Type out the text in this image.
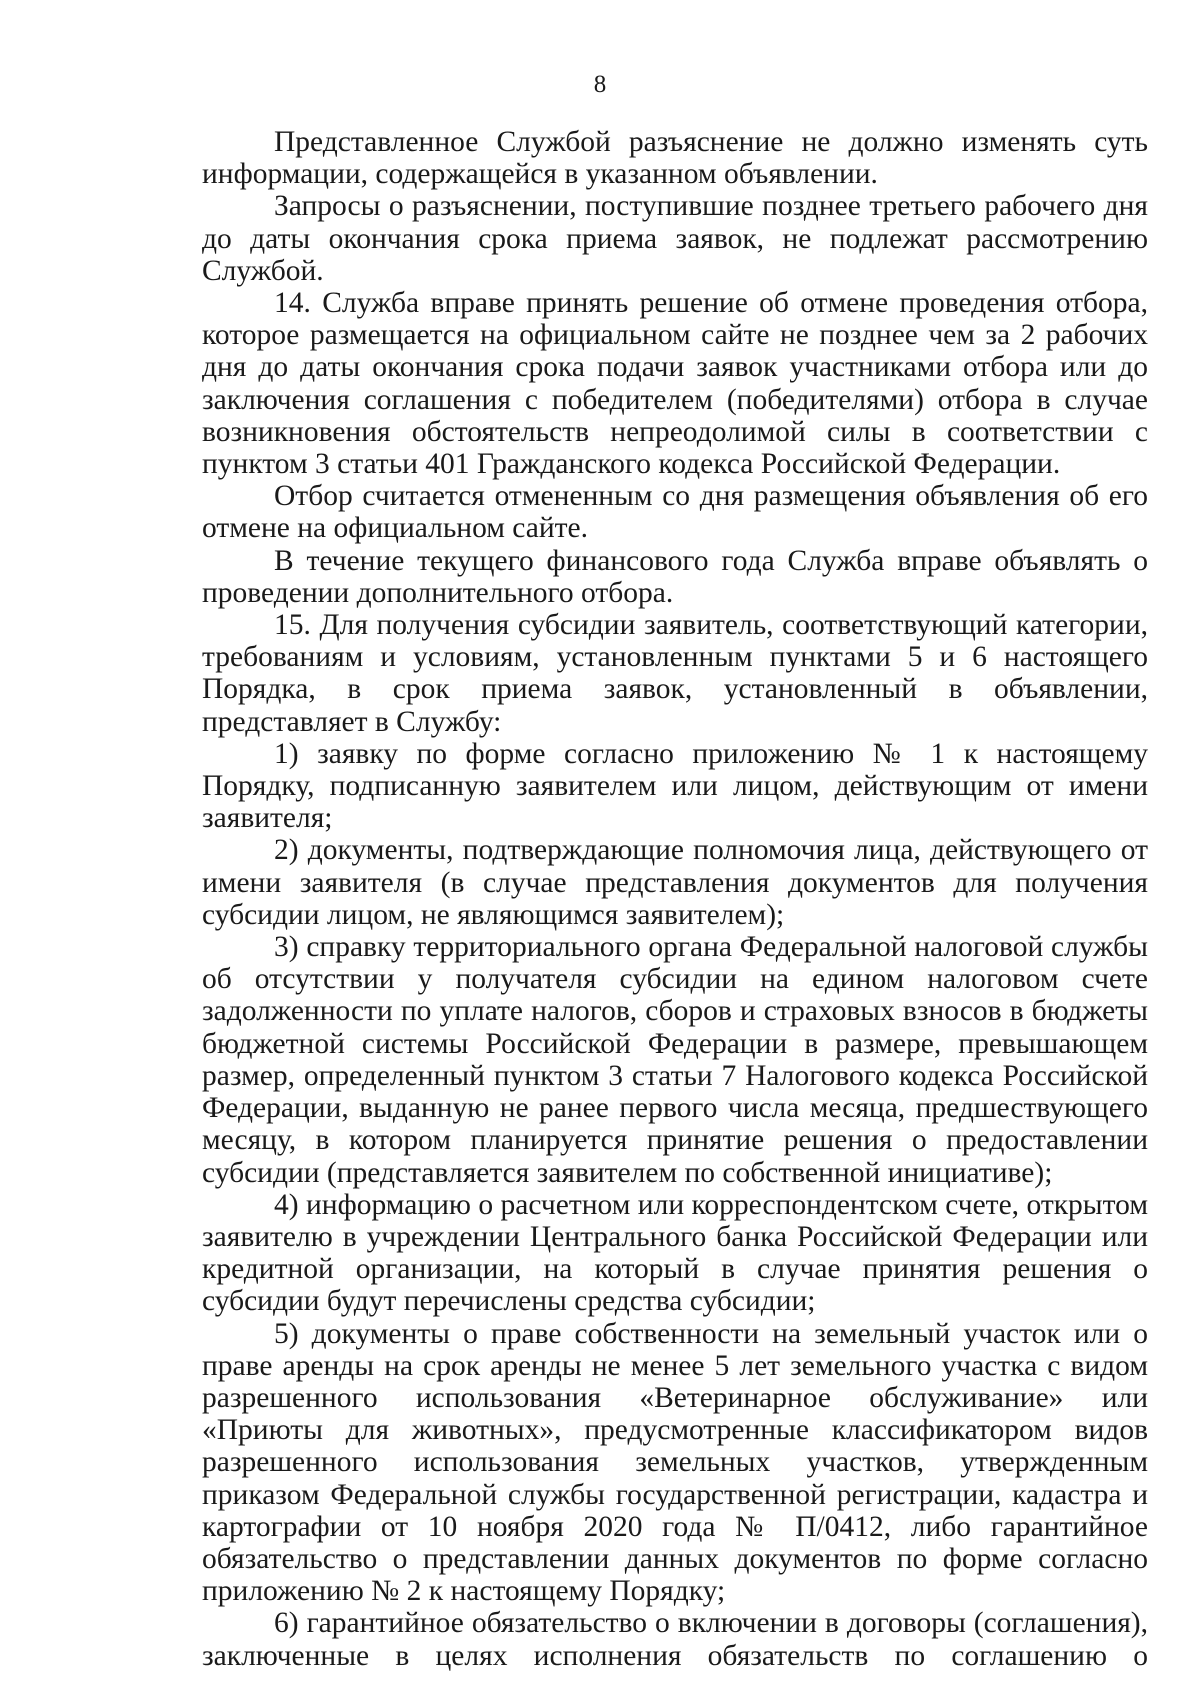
8

Представленное Службой разъяснение не должно изменять суть информации, содержащейся в указанном объявлении.

Запросы о разъяснении, поступившие позднее третьего рабочего дня до даты окончания срока приема заявок, не подлежат рассмотрению Службой.

14. Служба вправе принять решение об отмене проведения отбора, которое размещается на официальном сайте не позднее чем за 2 рабочих дня до даты окончания срока подачи заявок участниками отбора или до заключения соглашения с победителем (победителями) отбора в случае возникновения обстоятельств непреодолимой силы в соответствии с пунктом 3 статьи 401 Гражданского кодекса Российской Федерации.

Отбор считается отмененным со дня размещения объявления об его отмене на официальном сайте.

В течение текущего финансового года Служба вправе объявлять о проведении дополнительного отбора.

15. Для получения субсидии заявитель, соответствующий категории, требованиям и условиям, установленным пунктами 5 и 6 настоящего Порядка, в срок приема заявок, установленный в объявлении, представляет в Службу:

1) заявку по форме согласно приложению № 1 к настоящему Порядку, подписанную заявителем или лицом, действующим от имени заявителя;

2) документы, подтверждающие полномочия лица, действующего от имени заявителя (в случае представления документов для получения субсидии лицом, не являющимся заявителем);

3) справку территориального органа Федеральной налоговой службы об отсутствии у получателя субсидии на едином налоговом счете задолженности по уплате налогов, сборов и страховых взносов в бюджеты бюджетной системы Российской Федерации в размере, превышающем размер, определенный пунктом 3 статьи 7 Налогового кодекса Российской Федерации, выданную не ранее первого числа месяца, предшествующего месяцу, в котором планируется принятие решения о предоставлении субсидии (представляется заявителем по собственной инициативе);

4) информацию о расчетном или корреспондентском счете, открытом заявителю в учреждении Центрального банка Российской Федерации или кредитной организации, на который в случае принятия решения о субсидии будут перечислены средства субсидии;

5) документы о праве собственности на земельный участок или о праве аренды на срок аренды не менее 5 лет земельного участка с видом разрешенного использования «Ветеринарное обслуживание» или «Приюты для животных», предусмотренные классификатором видов разрешенного использования земельных участков, утвержденным приказом Федеральной службы государственной регистрации, кадастра и картографии от 10 ноября 2020 года № П/0412, либо гарантийное обязательство о представлении данных документов по форме согласно приложению № 2 к настоящему Порядку;

6) гарантийное обязательство о включении в договоры (соглашения), заключенные в целях исполнения обязательств по соглашению о
